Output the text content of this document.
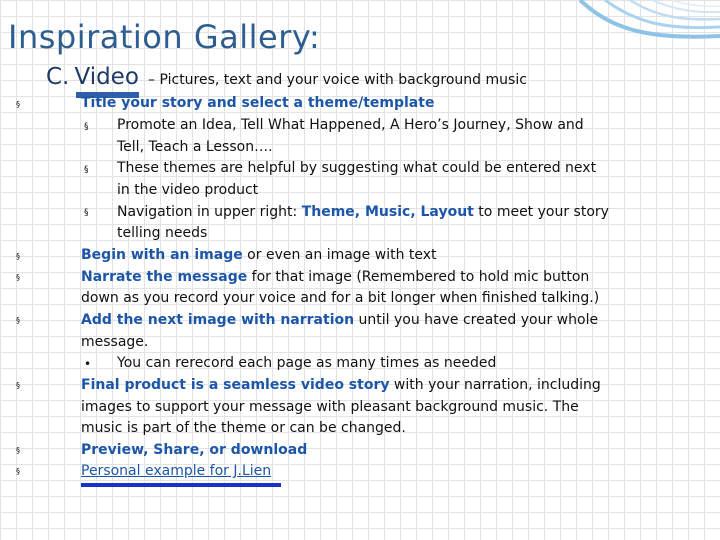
Inspiration Gallery:
C. Video – Pictures, text and your voice with background music
§
§
§
§
§
§
§
§
§
§
•
Title your story and select a theme/template
Promote an Idea, Tell What Happened, A Hero’s Journey, Show and
Tell, Teach a Lesson….
These themes are helpful by suggesting what could be entered next
in the video product
Navigation in upper right: Theme, Music, Layout to meet your story
telling needs
Begin with an image or even an image with text
Narrate the message for that image (Remembered to hold mic button
down as you record your voice and for a bit longer when finished talking.)
Add the next image with narration until you have created your whole
message.
You can rerecord each page as many times as needed
Final product is a seamless video story with your narration, including
images to support your message with pleasant background music. The
music is part of the theme or can be changed.
Preview, Share, or download
Personal example for J.Lien
